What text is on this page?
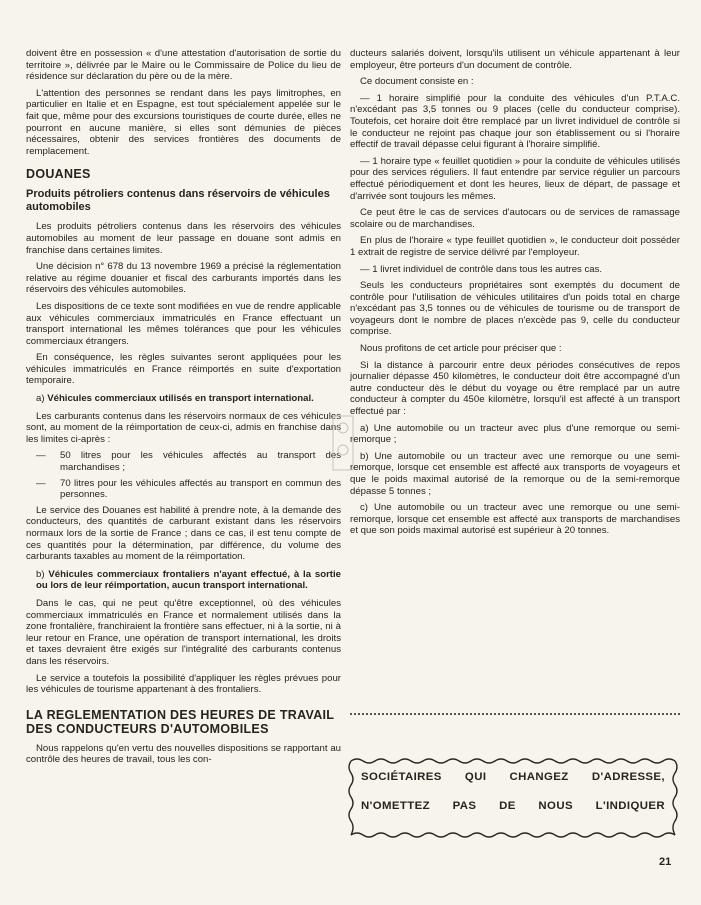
doivent être en possession « d'une attestation d'autorisation de sortie du territoire », délivrée par le Maire ou le Commissaire de Police du lieu de résidence sur déclaration du père ou de la mère.

L'attention des personnes se rendant dans les pays limitrophes, en particulier en Italie et en Espagne, est tout spécialement appelée sur le fait que, même pour des excursions touristiques de courte durée, elles ne pourront en aucune manière, si elles sont démunies de pièces nécessaires, obtenir des services frontières des documents de remplacement.

DOUANES
Produits pétroliers contenus dans réservoirs de véhicules automobiles

Les produits pétroliers contenus dans les réservoirs des véhicules automobiles au moment de leur passage en douane sont admis en franchise dans certaines limites.

Une décision n° 678 du 13 novembre 1969 a précisé la réglementation relative au régime douanier et fiscal des carburants importés dans les réservoirs des véhicules automobiles.

Les dispositions de ce texte sont modifiées en vue de rendre applicable aux véhicules commerciaux immatriculés en France effectuant un transport international les mêmes tolérances que pour les véhicules commerciaux étrangers.

En conséquence, les règles suivantes seront appliquées pour les véhicules immatriculés en France réimportés en suite d'exportation temporaire.

a) Véhicules commerciaux utilisés en transport international.

Les carburants contenus dans les réservoirs normaux de ces véhicules sont, au moment de la réimportation de ceux-ci, admis en franchise dans les limites ci-après :

— 50 litres pour les véhicules affectés au transport des marchandises ;

— 70 litres pour les véhicules affectés au transport en commun des personnes.

Le service des Douanes est habilité à prendre note, à la demande des conducteurs, des quantités de carburant existant dans les réservoirs normaux lors de la sortie de France ; dans ce cas, il est tenu compte de ces quantités pour la détermination, par différence, du volume des carburants taxables au moment de la réimportation.

b) Véhicules commerciaux frontaliers n'ayant effectué, à la sortie ou lors de leur réimportation, aucun transport international.

Dans le cas, qui ne peut qu'être exceptionnel, où des véhicules commerciaux immatriculés en France et normalement utilisés dans la zone frontalière, franchiraient la frontière sans effectuer, ni à la sortie, ni à leur retour en France, une opération de transport international, les droits et taxes devraient être exigés sur l'intégralité des carburants contenus dans les réservoirs.

Le service a toutefois la possibilité d'appliquer les règles prévues pour les véhicules de tourisme appartenant à des frontaliers.

LA REGLEMENTATION DES HEURES DE TRAVAIL DES CONDUCTEURS D'AUTOMOBILES

Nous rappelons qu'en vertu des nouvelles dispositions se rapportant au contrôle des heures de travail, tous les con-

ducteurs salariés doivent, lorsqu'ils utilisent un véhicule appartenant à leur employeur, être porteurs d'un document de contrôle.

Ce document consiste en :

— 1 horaire simplifié pour la conduite des véhicules d'un P.T.A.C. n'excédant pas 3,5 tonnes ou 9 places (celle du conducteur comprise). Toutefois, cet horaire doit être remplacé par un livret individuel de contrôle si le conducteur ne rejoint pas chaque jour son établissement ou si l'horaire effectif de travail dépasse celui figurant à l'horaire simplifié.

— 1 horaire type « feuillet quotidien » pour la conduite de véhicules utilisés pour des services réguliers. Il faut entendre par service régulier un parcours effectué périodiquement et dont les heures, lieux de départ, de passage et d'arrivée sont toujours les mêmes.

Ce peut être le cas de services d'autocars ou de services de ramassage scolaire ou de marchandises.

En plus de l'horaire « type feuillet quotidien », le conducteur doit posséder 1 extrait de registre de service délivré par l'employeur.

— 1 livret individuel de contrôle dans tous les autres cas.

Seuls les conducteurs propriétaires sont exemptés du document de contrôle pour l'utilisation de véhicules utilitaires d'un poids total en charge n'excédant pas 3,5 tonnes ou de véhicules de tourisme ou de transport de voyageurs dont le nombre de places n'excède pas 9, celle du conducteur comprise.

Nous profitons de cet article pour préciser que :

Si la distance à parcourir entre deux périodes consécutives de repos journalier dépasse 450 kilomètres, le conducteur doit être accompagné d'un autre conducteur dès le début du voyage ou être remplacé par un autre conducteur à compter du 450e kilomètre, lorsqu'il est affecté à un transport effectué par :

a) Une automobile ou un tracteur avec plus d'une remorque ou semi-remorque ;

b) Une automobile ou un tracteur avec une remorque ou une semi-remorque, lorsque cet ensemble est affecté aux transports de voyageurs et que le poids maximal autorisé de la remorque ou de la semi-remorque dépasse 5 tonnes ;

c) Une automobile ou un tracteur avec une remorque ou une semi-remorque, lorsque cet ensemble est affecté aux transports de marchandises et que son poids maximal autorisé est supérieur à 20 tonnes.

SOCIÉTAIRES QUI CHANGEZ D'ADRESSE,
N'OMETTEZ PAS DE NOUS L'INDIQUER
21
